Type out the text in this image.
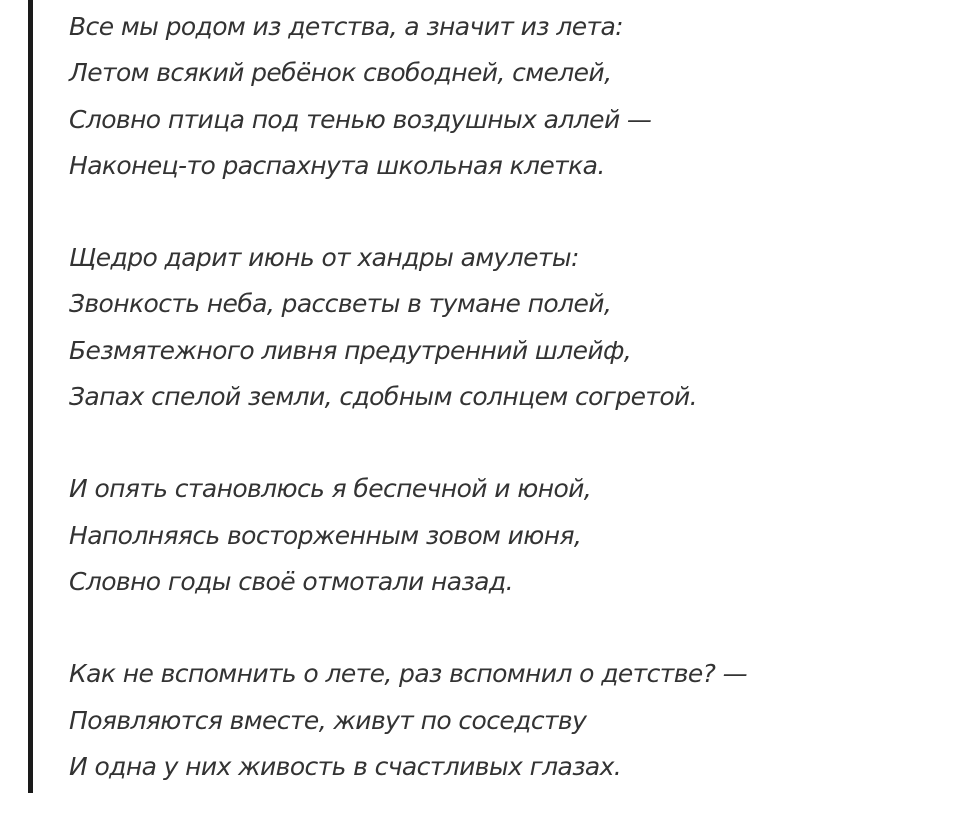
Все мы родом из детства, а значит из лета:
Летом всякий ребёнок свободней, смелей,
Словно птица под тенью воздушных аллей —
Наконец-то распахнута школьная клетка.
Щедро дарит июнь от хандры амулеты:
Звонкость неба, рассветы в тумане полей,
Безмятежного ливня предутренний шлейф,
Запах спелой земли, сдобным солнцем согретой.
И опять становлюсь я беспечной и юной,
Наполняясь восторженным зовом июня,
Словно годы своё отмотали назад.
Как не вспомнить о лете, раз вспомнил о детстве? —
Появляются вместе, живут по соседству
И одна у них живость в счастливых глазах.
